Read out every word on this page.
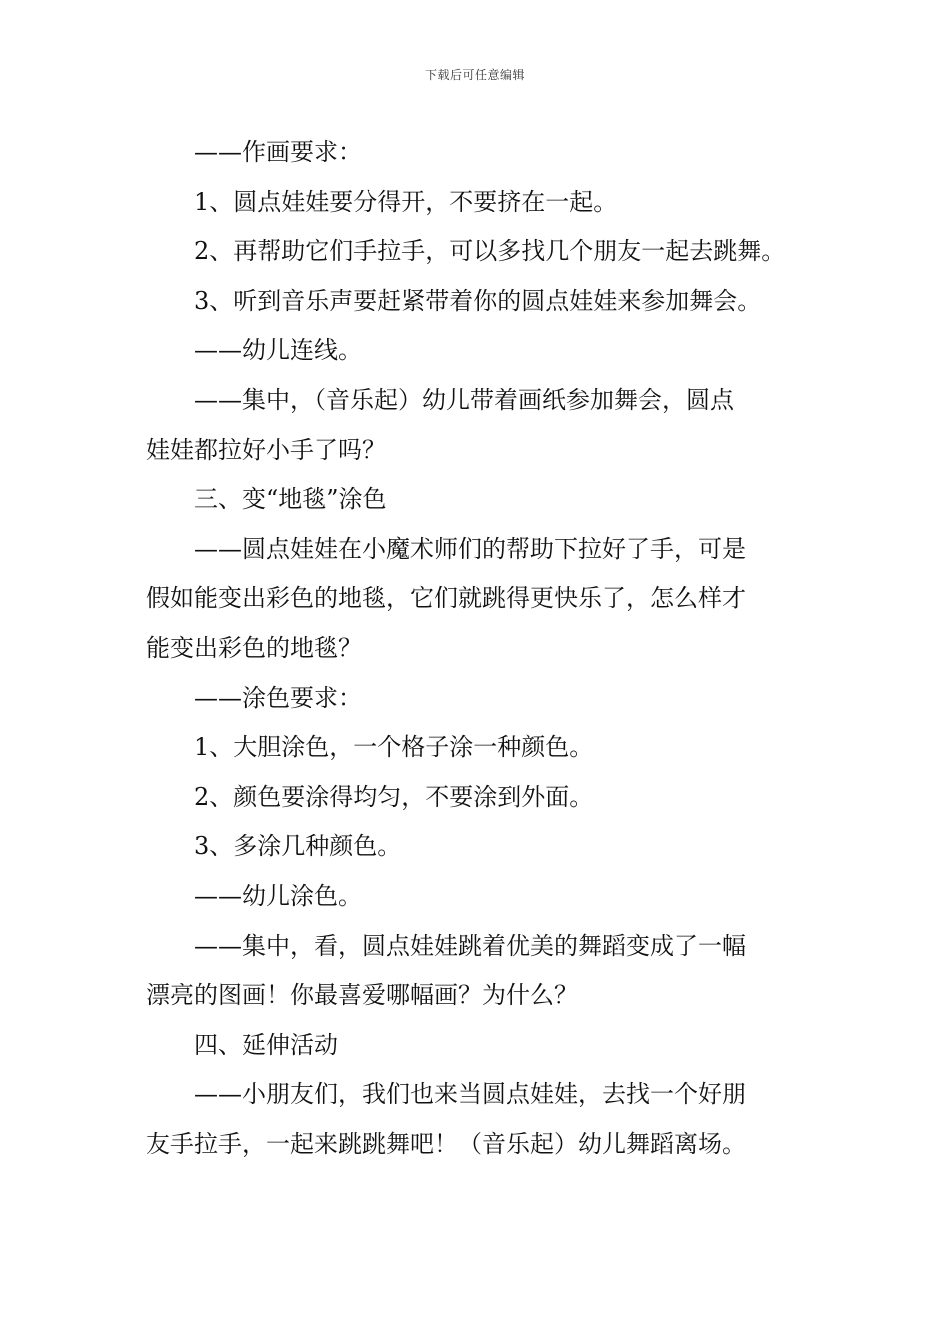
下载后可任意编辑
——作画要求：
1、圆点娃娃要分得开，不要挤在一起。
2、再帮助它们手拉手，可以多找几个朋友一起去跳舞。
3、听到音乐声要赶紧带着你的圆点娃娃来参加舞会。
——幼儿连线。
——集中，（音乐起）幼儿带着画纸参加舞会，圆点
娃娃都拉好小手了吗？
三、变“地毯”涂色
——圆点娃娃在小魔术师们的帮助下拉好了手，可是
假如能变出彩色的地毯，它们就跳得更快乐了，怎么样才
能变出彩色的地毯？
——涂色要求：
1、大胆涂色，一个格子涂一种颜色。
2、颜色要涂得均匀，不要涂到外面。
3、多涂几种颜色。
——幼儿涂色。
——集中，看，圆点娃娃跳着优美的舞蹈变成了一幅
漂亮的图画！你最喜爱哪幅画？为什么？
四、延伸活动
——小朋友们，我们也来当圆点娃娃，去找一个好朋
友手拉手，一起来跳跳舞吧！（音乐起）幼儿舞蹈离场。
